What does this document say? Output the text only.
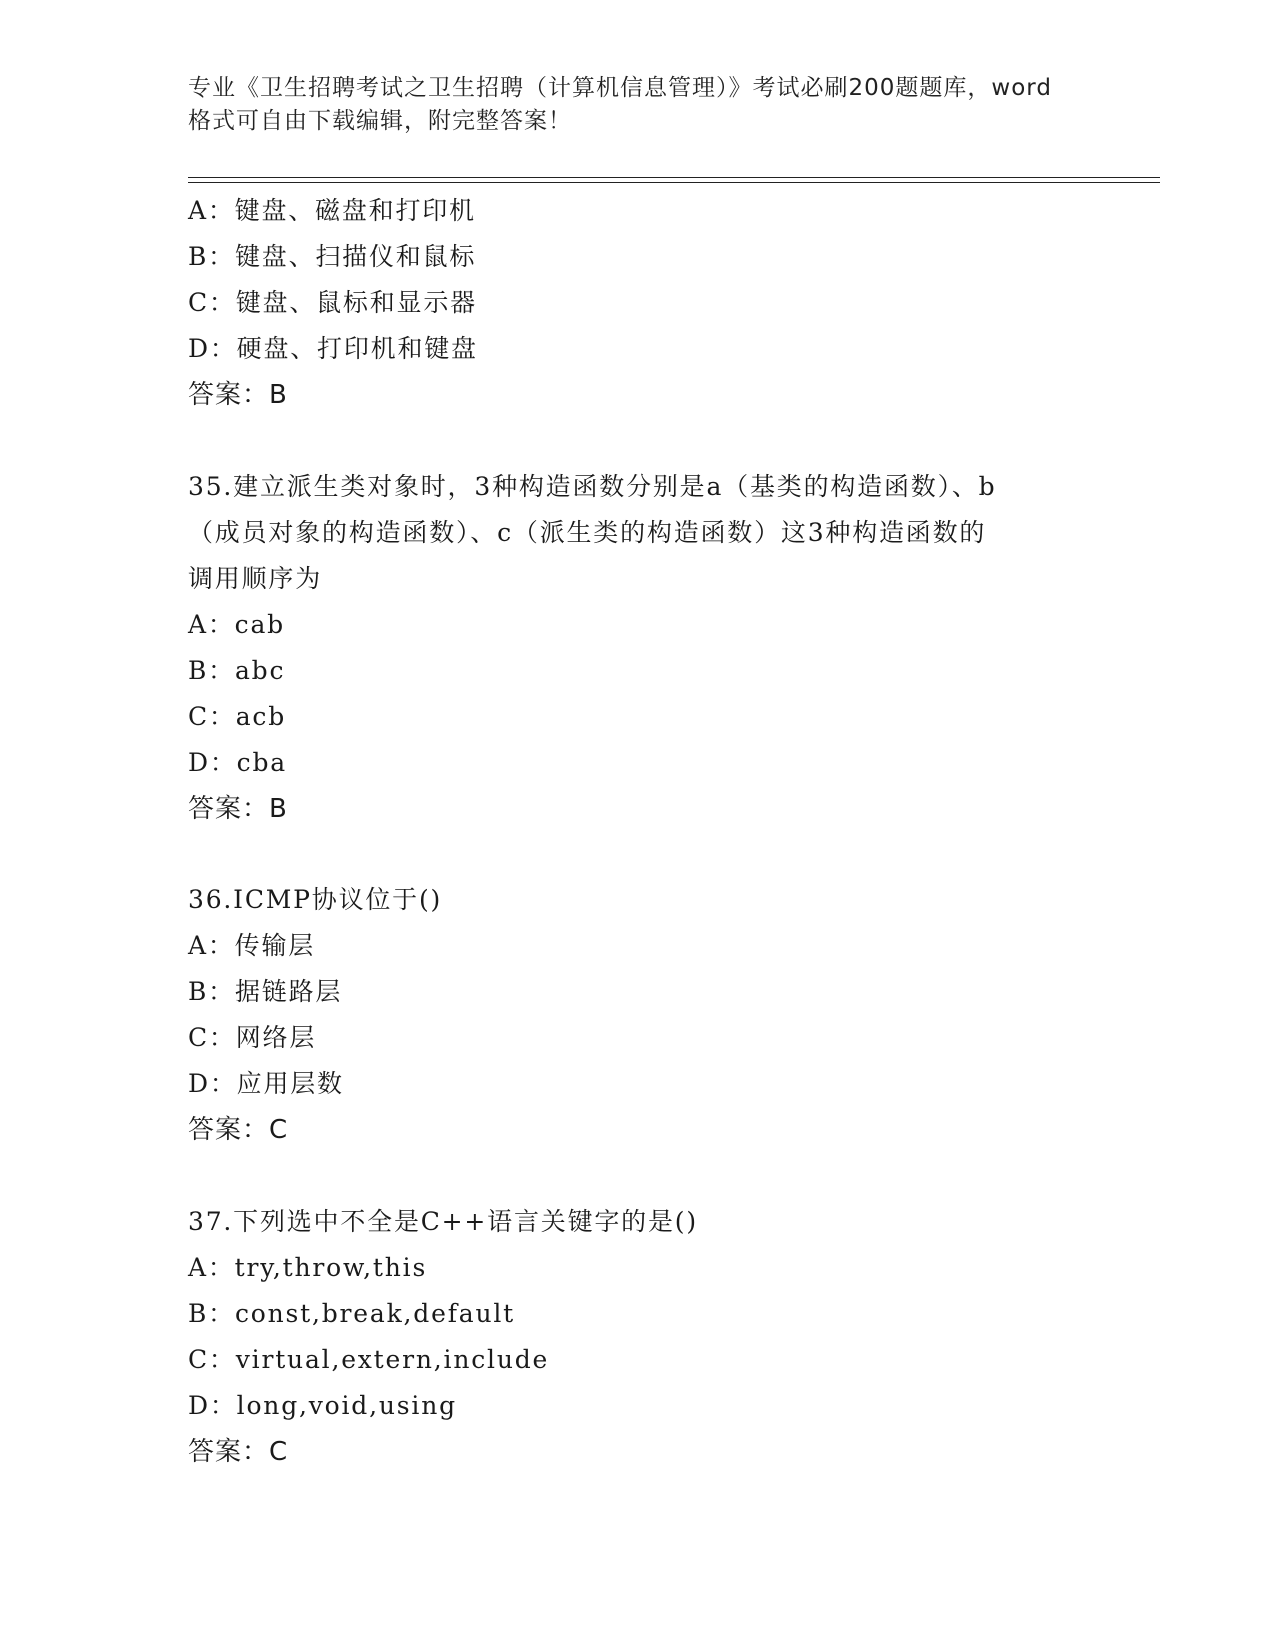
专业《卫生招聘考试之卫生招聘（计算机信息管理）》考试必刷200题题库，word
格式可自由下载编辑，附完整答案！
A：键盘、磁盘和打印机
B：键盘、扫描仪和鼠标
C：键盘、鼠标和显示器
D：硬盘、打印机和键盘
答案：B
35.建立派生类对象时，3种构造函数分别是a（基类的构造函数）、b
（成员对象的构造函数）、c（派生类的构造函数）这3种构造函数的
调用顺序为
A：cab
B：abc
C：acb
D：cba
答案：B
36.ICMP协议位于()
A：传输层
B：据链路层
C：网络层
D：应用层数
答案：C
37.下列选中不全是C++语言关键字的是()
A：try,throw,this
B：const,break,default
C：virtual,extern,include
D：long,void,using
答案：C
